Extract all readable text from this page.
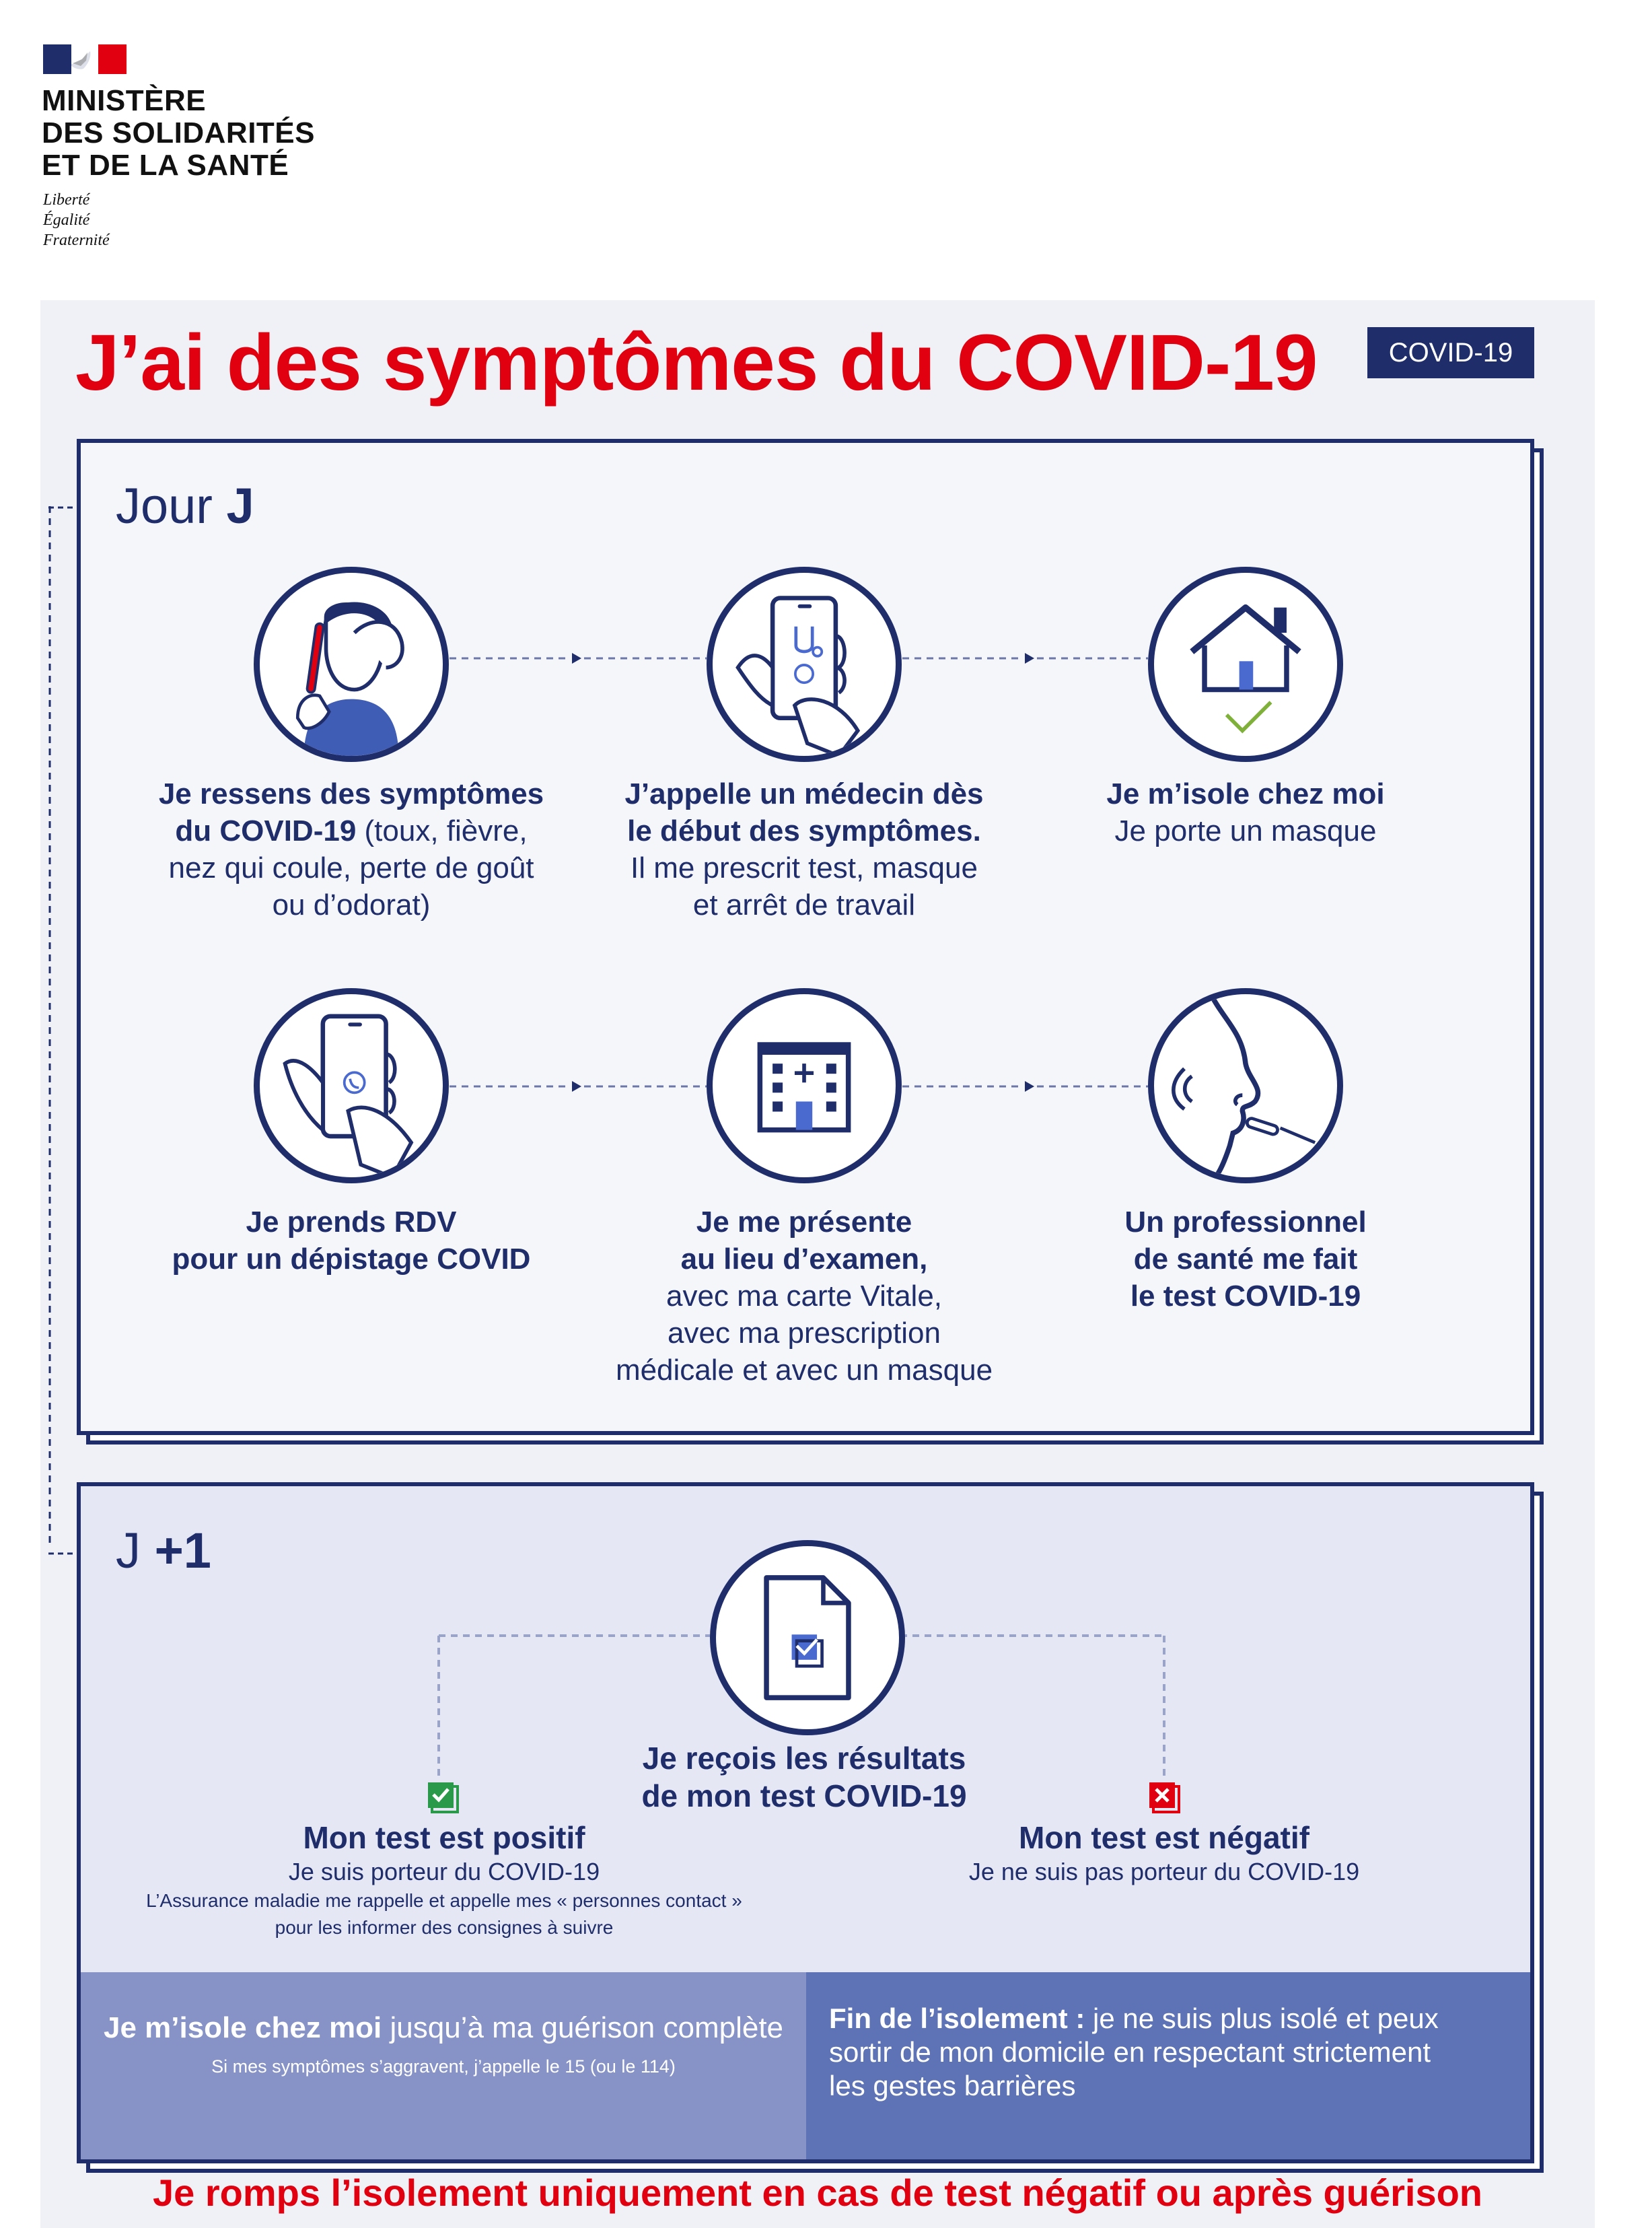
MINISTÈRE
DES SOLIDARITÉS
ET DE LA SANTÉ
Liberté
Égalité
Fraternité
J’ai des symptômes du COVID-19	COVID-19
Jour J
Je ressens des symptômes
du COVID-19 (toux, fièvre,
nez qui coule, perte de goût
ou d’odorat)
J’appelle un médecin dès
le début des symptômes.
Il me prescrit test, masque
et arrêt de travail
Je m’isole chez moi
Je porte un masque
Je prends RDV
pour un dépistage COVID
Je me présente
au lieu d’examen,
avec ma carte Vitale,
avec ma prescription
médicale et avec un masque
Un professionnel
de santé me fait
le test COVID-19
J +1
Je reçois les résultats
de mon test COVID-19
Mon test est positif
Je suis porteur du COVID-19
L’Assurance maladie me rappelle et appelle mes « personnes contact »
pour les informer des consignes à suivre
Mon test est négatif
Je ne suis pas porteur du COVID-19
Je m’isole chez moi jusqu’à ma guérison complète
Si mes symptômes s’aggravent, j’appelle le 15 (ou le 114)
Fin de l’isolement : je ne suis plus isolé et peux
sortir de mon domicile en respectant strictement
les gestes barrières
Je romps l’isolement uniquement en cas de test négatif ou après guérison
